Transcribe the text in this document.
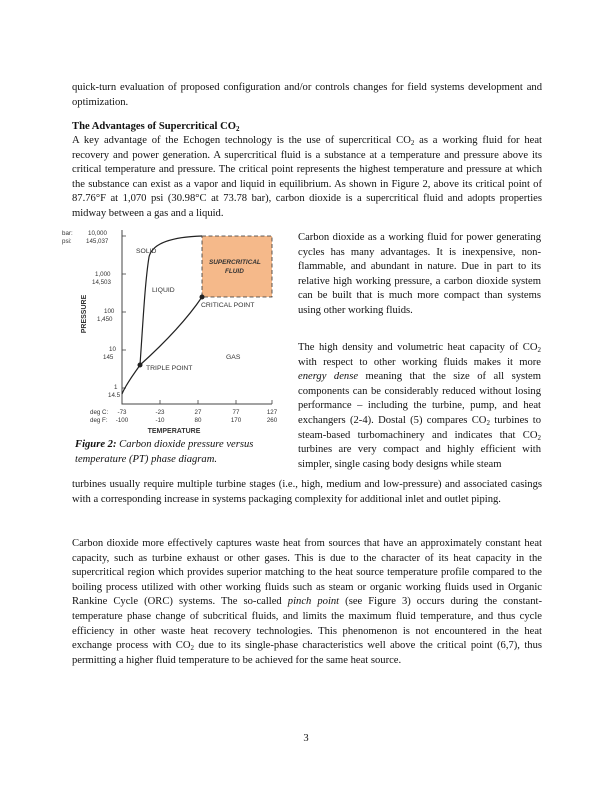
quick-turn evaluation of proposed configuration and/or controls changes for field systems development and optimization.

The Advantages of Supercritical $CO_2$

A key advantage of the Echogen technology is the use of supercritical $CO_2$ as a working fluid for heat recovery and power generation. A supercritical fluid is a substance at a temperature and pressure above its critical temperature and pressure. The critical point represents the highest temperature and pressure at which the substance can exist as a vapor and liquid in equilibrium. As shown in Figure 2, above its critical point of 87.76°F at 1,070 psi (30.98°C at 73.78 bar), carbon dioxide is a supercritical fluid and adopts properties midway between a gas and a liquid.

bar:
psi:
10,000
145,037
1,000
14,503
100
1,450
10
145
1
14.5
PRESSURE
SOLID
LIQUID
GAS
CRITICAL POINT
TRIPLE POINT
SUPERCRITICAL
FLUID
deg C:
deg F:
-73
-100
-23
-10
27
80
77
170
127
260
TEMPERATURE

Figure 2: Carbon dioxide pressure versus temperature (PT) phase diagram.

Carbon dioxide as a working fluid for power generating cycles has many advantages. It is inexpensive, non-flammable, and abundant in nature. Due in part to its relative high working pressure, a carbon dioxide system can be built that is much more compact than systems using other working fluids.

The high density and volumetric heat capacity of $CO_2$ with respect to other working fluids makes it more energy dense meaning that the size of all system components can be considerably reduced without losing performance – including the turbine, pump, and heat exchangers (2-4). Dostal (5) compares $CO_2$ turbines to steam-based turbomachinery and indicates that $CO_2$ turbines are very compact and highly efficient with simpler, single casing body designs while steam

turbines usually require multiple turbine stages (i.e., high, medium and low-pressure) and associated casings with a corresponding increase in systems packaging complexity for additional inlet and outlet piping.

Carbon dioxide more effectively captures waste heat from sources that have an approximately constant heat capacity, such as turbine exhaust or other gases. This is due to the character of its heat capacity in the supercritical region which provides superior matching to the heat source temperature profile compared to the boiling process utilized with other working fluids such as steam or organic working fluids used in Organic Rankine Cycle (ORC) systems. The so-called pinch point (see Figure 3) occurs during the constant-temperature phase change of subcritical fluids, and limits the maximum fluid temperature, and thus cycle efficiency in other waste heat recovery technologies. This phenomenon is not encountered in the heat exchange process with $CO_2$ due to its single-phase characteristics well above the critical point (6,7), thus permitting a higher fluid temperature to be achieved for the same heat source.

3
